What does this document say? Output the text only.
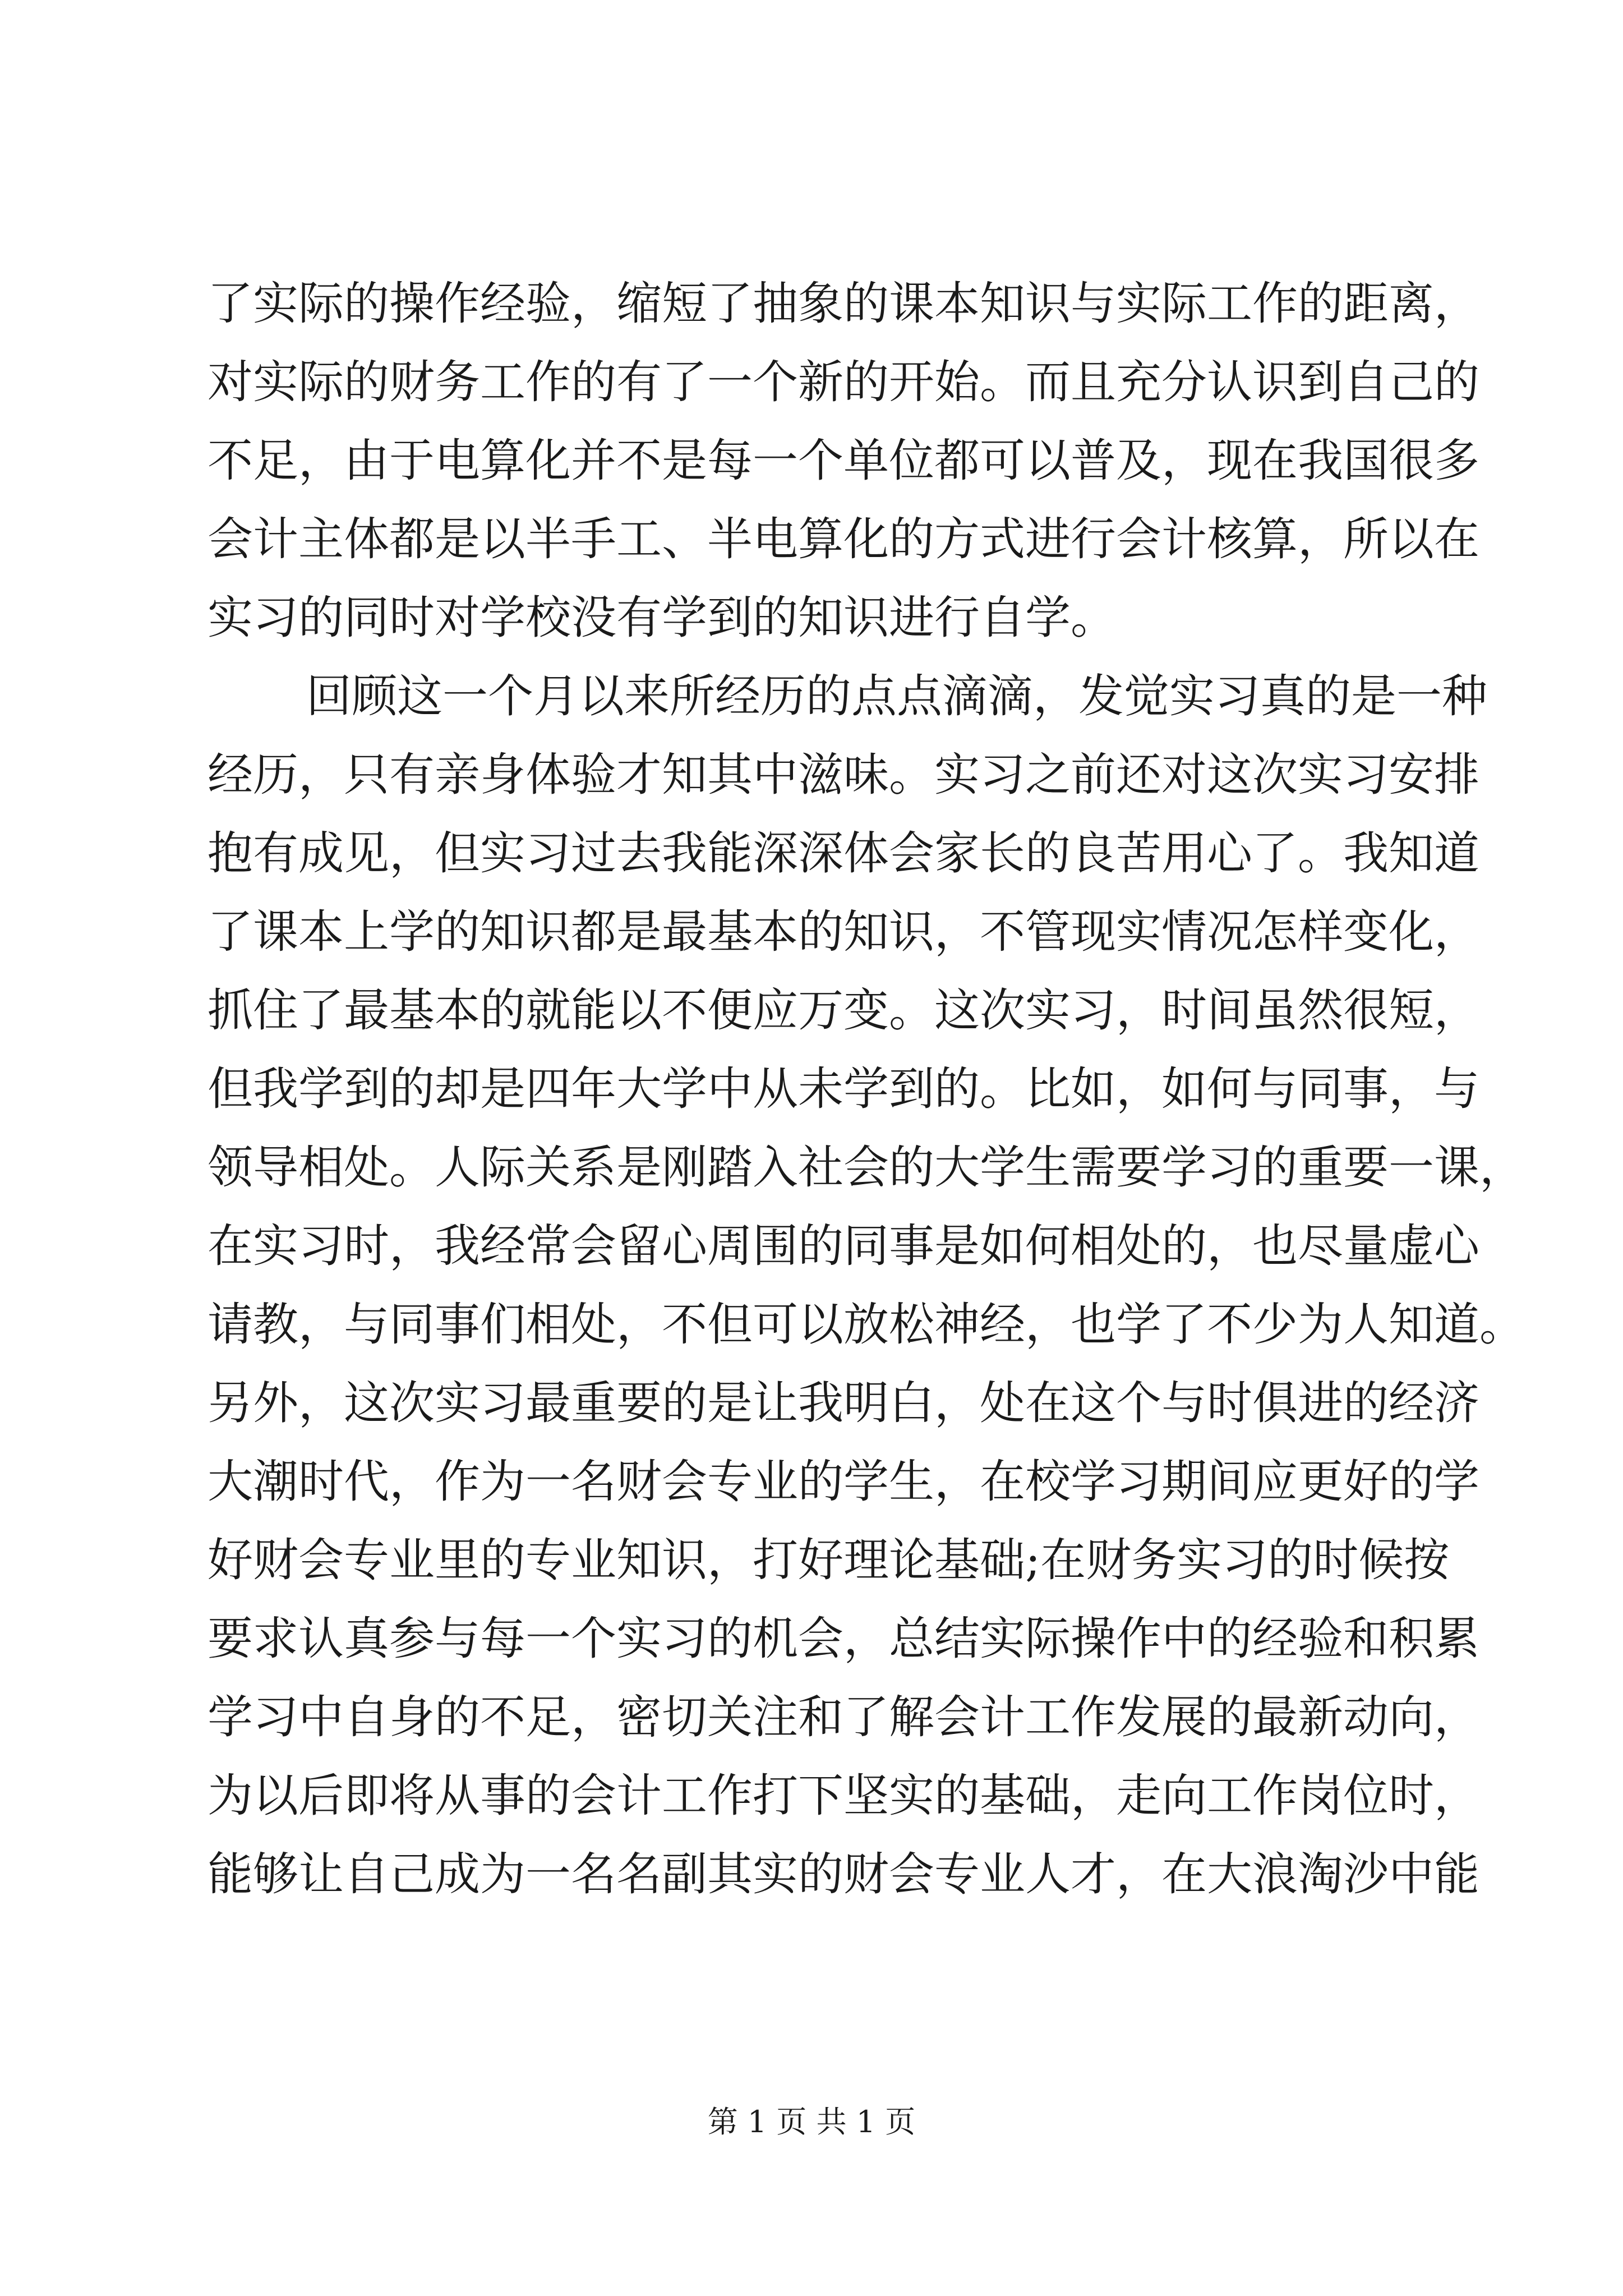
了实际的操作经验，缩短了抽象的课本知识与实际工作的距离，
对实际的财务工作的有了一个新的开始。而且充分认识到自己的
不足，由于电算化并不是每一个单位都可以普及，现在我国很多
会计主体都是以半手工、半电算化的方式进行会计核算，所以在
实习的同时对学校没有学到的知识进行自学。
回顾这一个月以来所经历的点点滴滴，发觉实习真的是一种
经历，只有亲身体验才知其中滋味。实习之前还对这次实习安排
抱有成见，但实习过去我能深深体会家长的良苦用心了。我知道
了课本上学的知识都是最基本的知识，不管现实情况怎样变化，
抓住了最基本的就能以不便应万变。这次实习，时间虽然很短，
但我学到的却是四年大学中从未学到的。比如，如何与同事，与
领导相处。人际关系是刚踏入社会的大学生需要学习的重要一课，
在实习时，我经常会留心周围的同事是如何相处的，也尽量虚心
请教，与同事们相处，不但可以放松神经，也学了不少为人知道。
另外，这次实习最重要的是让我明白，处在这个与时俱进的经济
大潮时代，作为一名财会专业的学生，在校学习期间应更好的学
好财会专业里的专业知识，打好理论基础;在财务实习的时候按
要求认真参与每一个实习的机会，总结实际操作中的经验和积累
学习中自身的不足，密切关注和了解会计工作发展的最新动向，
为以后即将从事的会计工作打下坚实的基础，走向工作岗位时，
能够让自己成为一名名副其实的财会专业人才，在大浪淘沙中能
第 1 页 共 1 页
